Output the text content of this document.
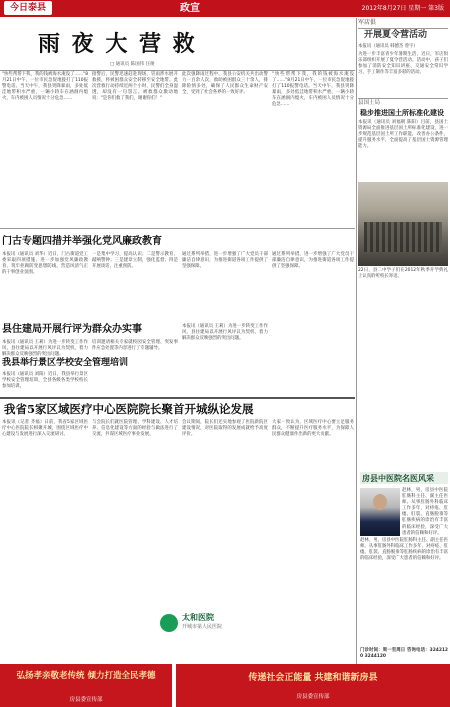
今日泰县	政宣	2012年8月27日 星期一 第3版
雨 夜 大 营 救
□ 通讯员 陈国伟 汪俊
"快些帮帮下我，我的钱被海水淹没了……"8月21日中午，一位市民急促地拨打了110报警电话。当天中午，我县突降暴雨，多处低洼地带积水严重，一辆小轿车在涵洞内熄火，车内被困人员情况十分危急……
接警后，民警迅速赶赴现场，冒雨涉水展开救援，将被困群众安全转移至安全地带。此次营救行动持续近两个小时，民警们全身湿透，却没有一句怨言。被救群众激动地说："是你们救了我们，谢谢你们！"
此次强降雨过程中，我县公安机关共出动警力一百余人次，救助被困群众三十余人，排除险情多处，确保了人民群众生命财产安全，受到了社会各界的一致好评。
"快些帮帮下我，我的钱被海水淹没了……"8月21日中午，一位市民急促地拨打了110报警电话。当天中午，我县突降暴雨，多处低洼地带积水严重，一辆小轿车在涵洞内熄火，车内被困人员情况十分危急……
军店俱
开展夏令营活动
本报讯（通讯员 韩德杰 曾宇）
为进一步丰富青少年暑期生活，近日，军店俱乐部组织开展了夏令营活动。活动中，孩子们参加了消防安全知识讲座、交通安全常识学习、手工制作等丰富多彩的活动。
县国土局
稳步推进国土所标准化建设
本报讯（通讯员 刘福朝 陈阳）目前，县国土资源局全面推进基层国土所标准化建设，进一步规范基层国土所工作职能，改善办公条件，提升服务水平，全面提高了基层国土资源管理能力。
22日，县二中学子们在2012年秋季开学典礼上认真聆听校长寄语。
门古专题四措并举强化党风廉政教育
本报讯（通讯员 刘华）近日，门古街道党工委采取四项措施，进一步加强党风廉政教育，筑牢拒腐防变思想防线，营造风清气正的干事创业氛围。
一是集中学习，提高认识；二是警示教育，敲响警钟；三是建章立制，强化监督；四是开展谈话，注重预防。
通过系列举措，进一步增强了广大党员干部廉洁自律意识，为推进街道各项工作提供了坚强保障。
县住建局开展行评为群众办实事
本报讯（通讯员 王莉）为进一步转变工作作风，县住建局以开展行风评议为契机，着力解决群众反映强烈的突出问题。
我县举行景区学校安全管理培训
本报讯（通讯员 刘阳）近日，我县举行景区学校安全管理培训，全县各级各类学校校长参加培训。
培训邀请相关专家就校园安全管理、突发事件应急处置等内容进行了专题辅导。
通过系列举措，进一步增强了广大党员干部廉洁自律意识，为推进街道各项工作提供了坚强保障。
本报讯（通讯员 王莉）为进一步转变工作作风，县住建局以开展行风评议为契机，着力解决群众反映强烈的突出问题。
我省5家区域医疗中心医院院长聚首开城纵论发展
本报讯（记者 齐福）日前，我省5家区域医疗中心医院院长相聚开城，围绕区域医疗中心建设与发展进行深入交流研讨。
与会院长们就医院管理、学科建设、人才培养、信息化建设等方面的经验与做法进行了交流，共谋区域医疗事业发展。
会议期间，院长们还实地参观了医院新院区建设情况，对医院取得的发展成就给予高度评价。
大家一致认为，区域医疗中心要立足服务群众，不断提升医疗服务水平，为保障人民群众健康作出新的更大贡献。
太和医院
开城市第人民医院
房县中医院名医风采
赵林，男，房县中医院肛肠科主任、副主任医师。从事肛肠外科临床工作多年，对痔疮、肛瘘、肛裂、直肠脱垂等肛肠疾病的诊治有丰富的临床经验，深受广大患者的信赖和好评。
赵林，男，房县中医院肛肠科主任、副主任医师。从事肛肠外科临床工作多年，对痔疮、肛瘘、肛裂、直肠脱垂等肛肠疾病的诊治有丰富的临床经验，深受广大患者的信赖和好评。
门诊时间：周一至周日 咨询电话：3242120 3244120
弘扬孝亲敬老传统 倾力打造全民孝德
房县委宣传部
传递社会正能量 共建和谐新房县
房县委宣传部
